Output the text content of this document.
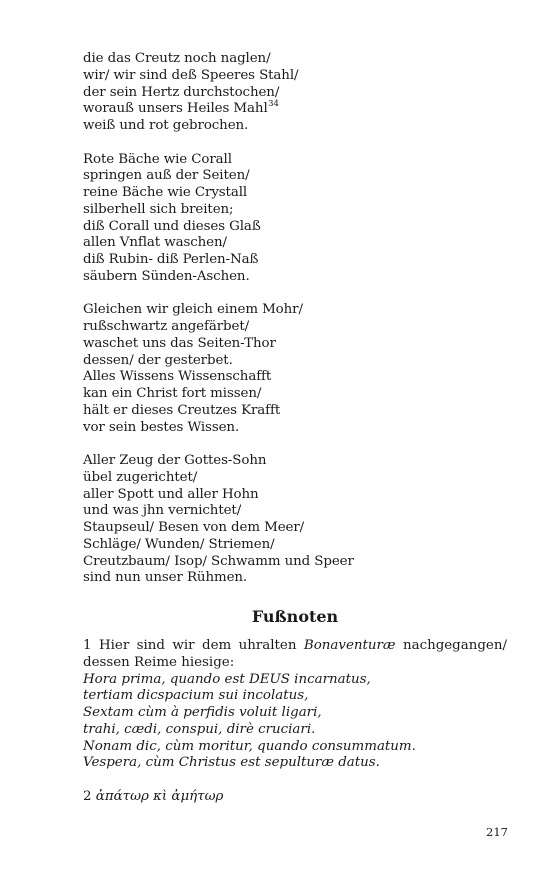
die das Creutz noch naglen/
wir/ wir sind deß Speeres Stahl/
der sein Hertz durchstochen/
worauß unsers Heiles Mahl$^{34}$
weiß und rot gebrochen.
Rote Bäche wie Corall
springen auß der Seiten/
reine Bäche wie Crystall
silberhell sich breiten;
diß Corall und dieses Glaß
allen Vnflat waschen/
diß Rubin- diß Perlen-Naß
säubern Sünden-Aschen.
Gleichen wir gleich einem Mohr/
rußschwartz angefärbet/
waschet uns das Seiten-Thor
dessen/ der gesterbet.
Alles Wissens Wissenschafft
kan ein Christ fort missen/
hält er dieses Creutzes Krafft
vor sein bestes Wissen.
Aller Zeug der Gottes-Sohn
übel zugerichtet/
aller Spott und aller Hohn
und was jhn vernichtet/
Staupseul/ Besen von dem Meer/
Schläge/ Wunden/ Striemen/
Creutzbaum/ Isop/ Schwamm und Speer
sind nun unser Rühmen.
Fußnoten
1 Hier sind wir dem uhralten Bonaventuræ nachgegangen/ dessen Reime hiesige:
Hora prima, quando est DEUS incarnatus,
tertiam dicspacium sui incolatus,
Sextam cùm à perfidis voluit ligari,
trahi, cædi, conspui, dirè cruciari.
Nonam dic, cùm moritur, quando consummatum.
Vespera, cùm Christus est sepulturæ datus.
2 ἀπάτωρ κὶ ἀμήτωρ
217
